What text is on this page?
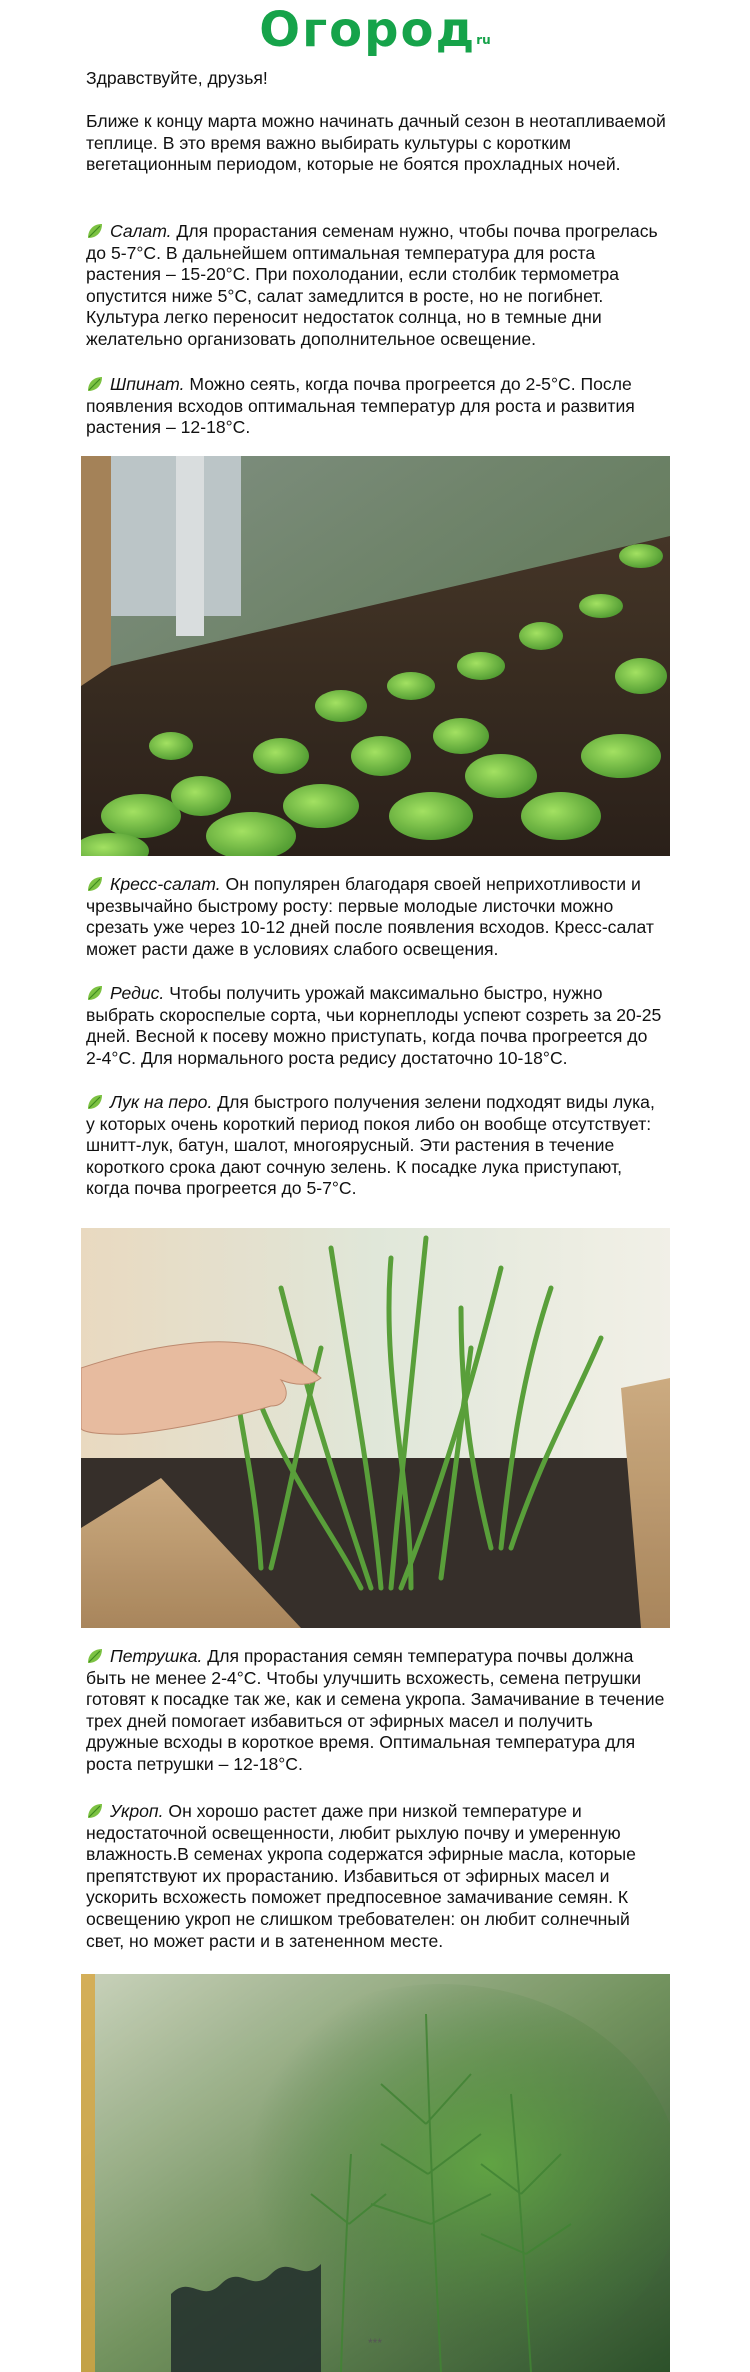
Огород$^{ru}$

Здравствуйте, друзья!

Ближе к концу марта можно начинать дачный сезон в неотапливаемой теплице. В это время важно выбирать культуры с коротким вегетационным периодом, которые не боятся прохладных ночей.

Салат. Для прорастания семенам нужно, чтобы почва прогрелась до 5-7°C. В дальнейшем оптимальная температура для роста растения – 15-20°C. При похолодании, если столбик термометра опустится ниже 5°C, салат замедлится в росте, но не погибнет. Культура легко переносит недостаток солнца, но в темные дни желательно организовать дополнительное освещение.

Шпинат. Можно сеять, когда почва прогреется до 2-5°C. После появления всходов оптимальная температур для роста и развития растения – 12-18°C.

Кресс-салат. Он популярен благодаря своей неприхотливости и чрезвычайно быстрому росту: первые молодые листочки можно срезать уже через 10-12 дней после появления всходов. Кресс-салат может расти даже в условиях слабого освещения.

Редис. Чтобы получить урожай максимально быстро, нужно выбрать скороспелые сорта, чьи корнеплоды успеют созреть за 20-25 дней. Весной к посеву можно приступать, когда почва прогреется до 2-4°C. Для нормального роста редису достаточно 10-18°C.

Лук на перо. Для быстрого получения зелени подходят виды лука, у которых очень короткий период покоя либо он вообще отсутствует: шнитт-лук, батун, шалот, многоярусный. Эти растения в течение короткого срока дают сочную зелень. К посадке лука приступают, когда почва прогреется до 5-7°C.

Петрушка. Для прорастания семян температура почвы должна быть не менее 2-4°C. Чтобы улучшить всхожесть, семена петрушки готовят к посадке так же, как и семена укропа. Замачивание в течение трех дней помогает избавиться от эфирных масел и получить дружные всходы в короткое время. Оптимальная температура для роста петрушки – 12-18°C.

Укроп. Он хорошо растет даже при низкой температуре и недостаточной освещенности, любит рыхлую почву и умеренную влажность.В семенах укропа содержатся эфирные масла, которые препятствуют их прорастанию. Избавиться от эфирных масел и ускорить всхожесть поможет предпосевное замачивание семян. К освещению укроп не слишком требователен: он любит солнечный свет, но может расти и в затененном месте.

***
